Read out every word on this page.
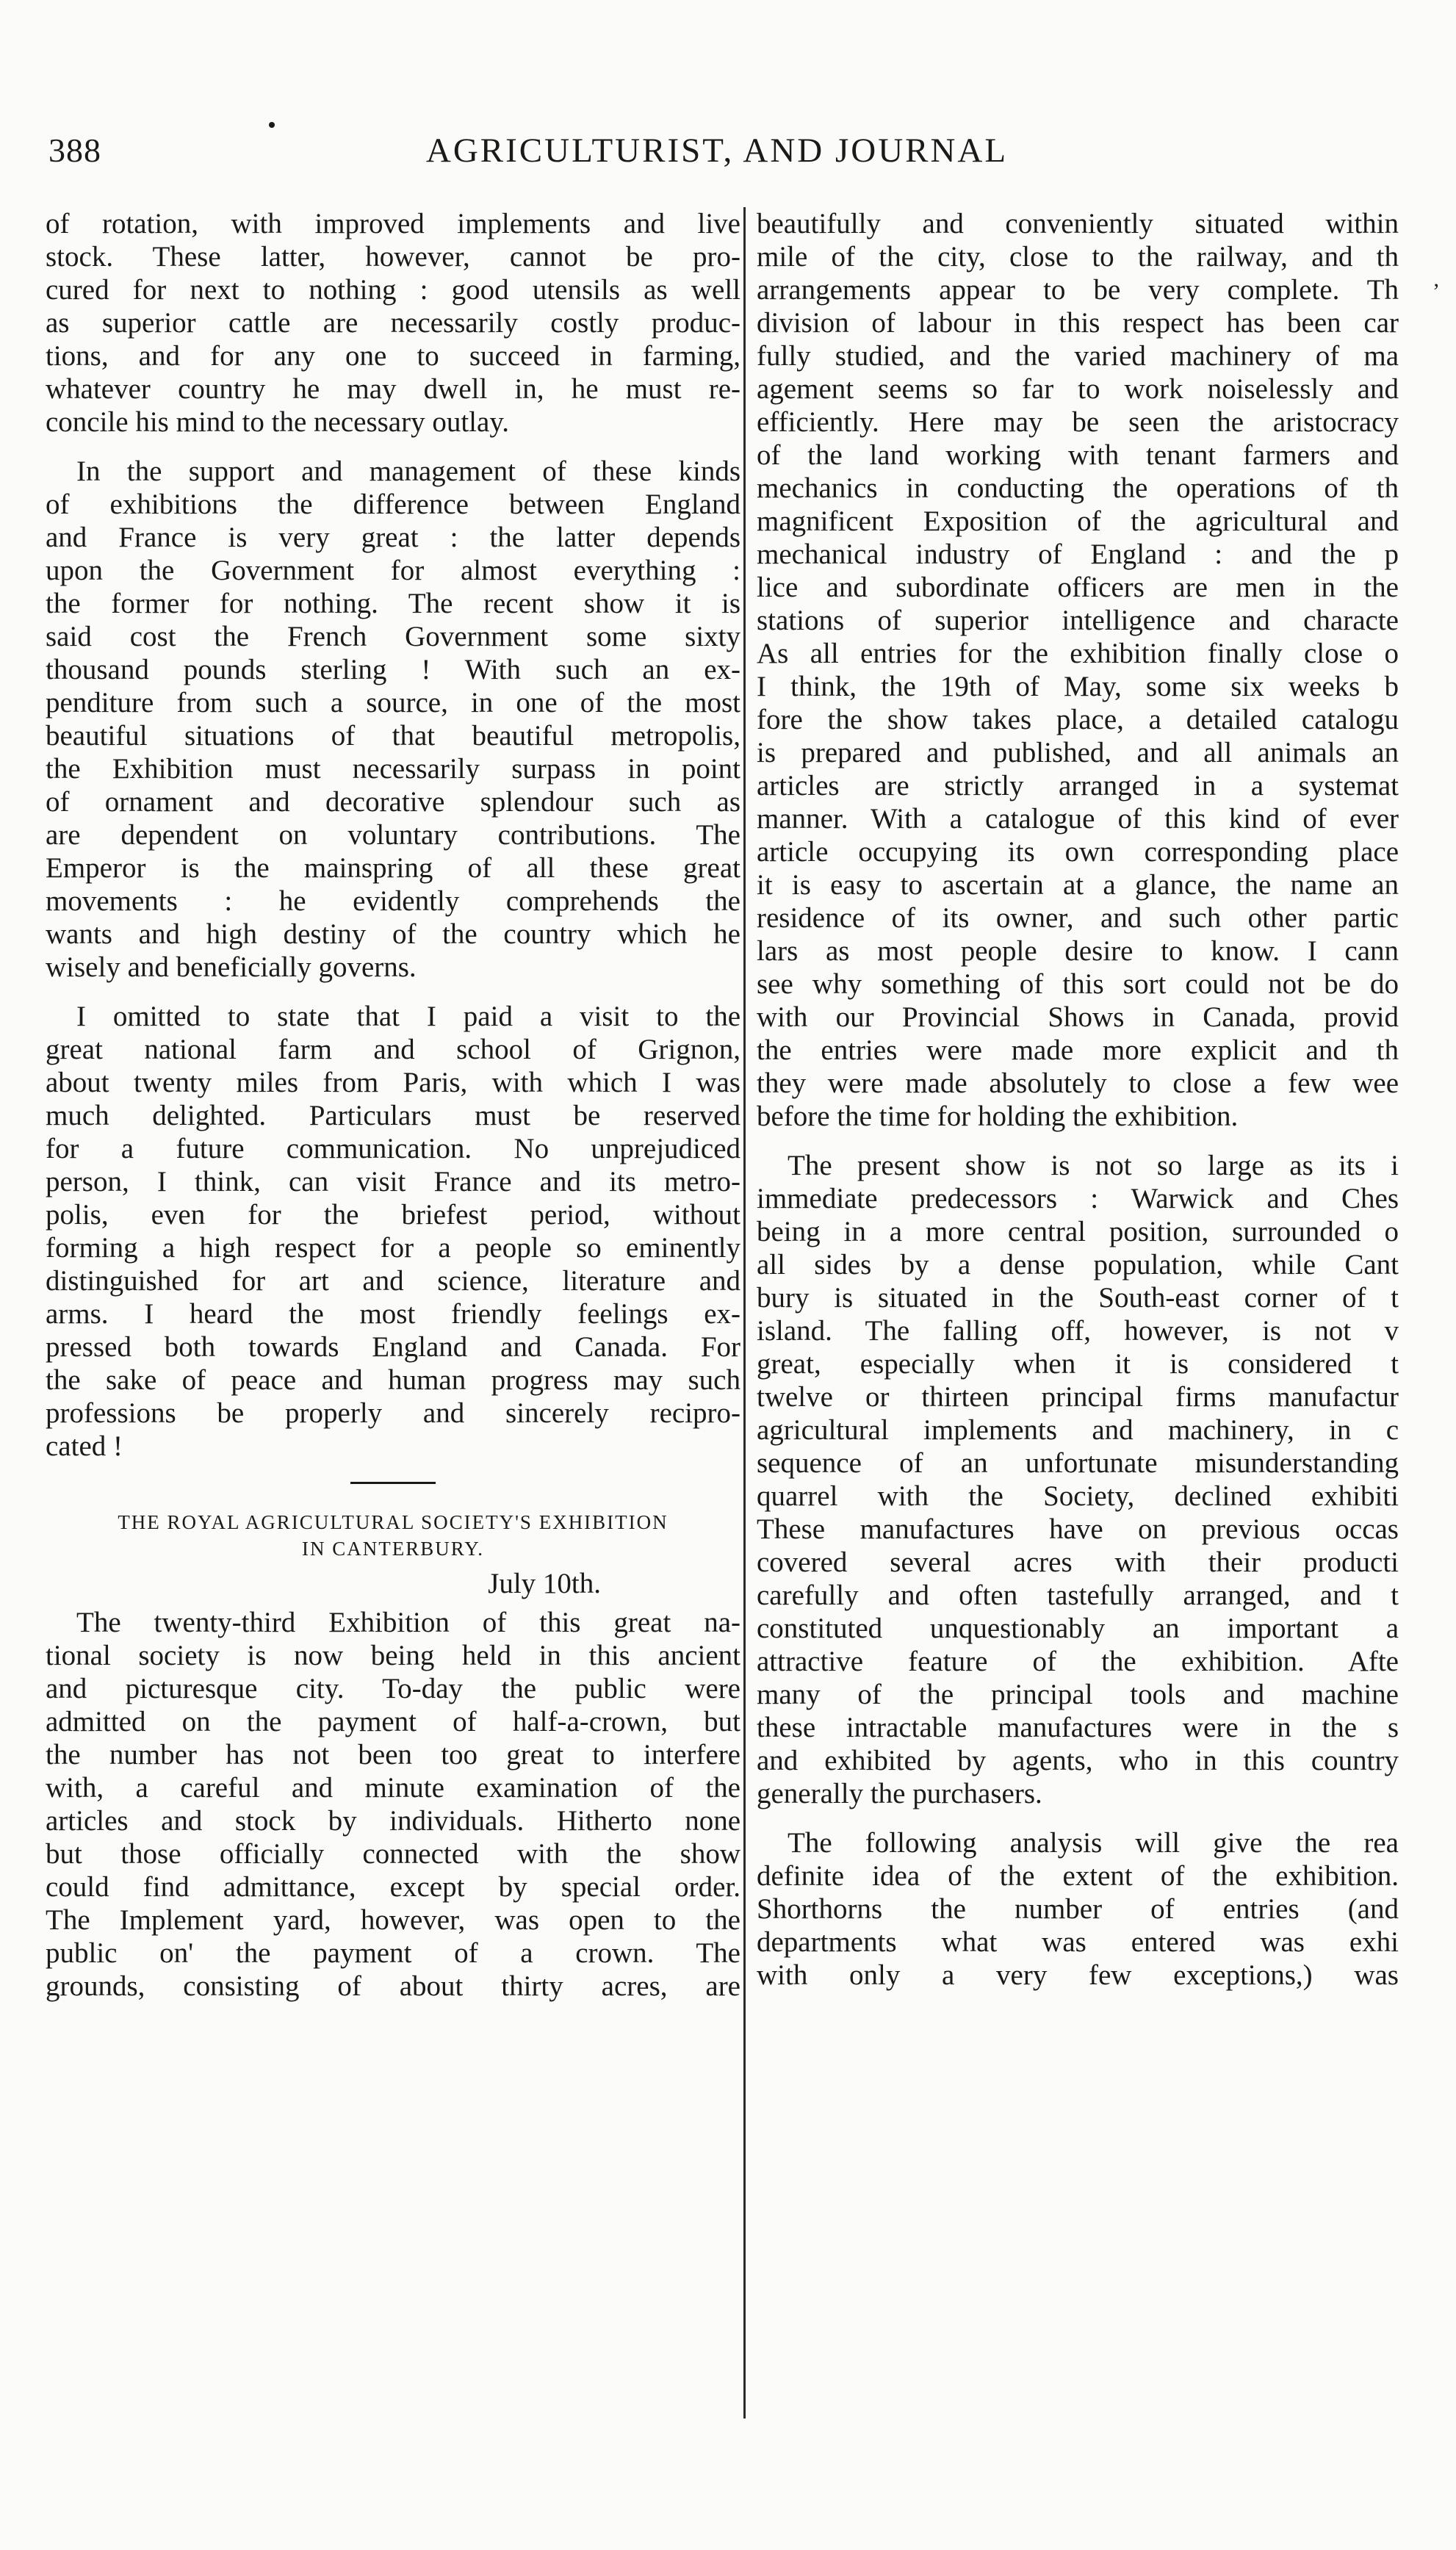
388	AGRICULTURIST, AND JOURNAL
’
of rotation, with improved implements and live
stock. These latter, however, cannot be pro-
cured for next to nothing : good utensils as well
as superior cattle are necessarily costly produc-
tions, and for any one to succeed in farming,
whatever country he may dwell in, he must re-
concile his mind to the necessary outlay.
In the support and management of these kinds
of exhibitions the difference between England
and France is very great : the latter depends
upon the Government for almost everything :
the former for nothing. The recent show it is
said cost the French Government some sixty
thousand pounds sterling ! With such an ex-
penditure from such a source, in one of the most
beautiful situations of that beautiful metropolis,
the Exhibition must necessarily surpass in point
of ornament and decorative splendour such as
are dependent on voluntary contributions. The
Emperor is the mainspring of all these great
movements : he evidently comprehends the
wants and high destiny of the country which he
wisely and beneficially governs.
I omitted to state that I paid a visit to the
great national farm and school of Grignon,
about twenty miles from Paris, with which I was
much delighted. Particulars must be reserved
for a future communication. No unprejudiced
person, I think, can visit France and its metro-
polis, even for the briefest period, without
forming a high respect for a people so eminently
distinguished for art and science, literature and
arms. I heard the most friendly feelings ex-
pressed both towards England and Canada. For
the sake of peace and human progress may such
professions be properly and sincerely recipro-
cated !
THE ROYAL AGRICULTURAL SOCIETY'S EXHIBITION
IN CANTERBURY.
July 10th.
The twenty-third Exhibition of this great na-
tional society is now being held in this ancient
and picturesque city. To-day the public were
admitted on the payment of half-a-crown, but
the number has not been too great to interfere
with, a careful and minute examination of the
articles and stock by individuals. Hitherto none
but those officially connected with the show
could find admittance, except by special order.
The Implement yard, however, was open to the
public on' the payment of a crown. The
grounds, consisting of about thirty acres, are
beautifully and conveniently situated within
mile of the city, close to the railway, and th
arrangements appear to be very complete. Th
division of labour in this respect has been car
fully studied, and the varied machinery of ma
agement seems so far to work noiselessly and
efficiently. Here may be seen the aristocracy
of the land working with tenant farmers and
mechanics in conducting the operations of th
magnificent Exposition of the agricultural and
mechanical industry of England : and the p
lice and subordinate officers are men in the
stations of superior intelligence and characte
As all entries for the exhibition finally close o
I think, the 19th of May, some six weeks b
fore the show takes place, a detailed catalogu
is prepared and published, and all animals an
articles are strictly arranged in a systemat
manner. With a catalogue of this kind of ever
article occupying its own corresponding place
it is easy to ascertain at a glance, the name an
residence of its owner, and such other partic
lars as most people desire to know. I cann
see why something of this sort could not be do
with our Provincial Shows in Canada, provid
the entries were made more explicit and th
they were made absolutely to close a few wee
before the time for holding the exhibition.
The present show is not so large as its i
immediate predecessors : Warwick and Ches
being in a more central position, surrounded o
all sides by a dense population, while Cant
bury is situated in the South-east corner of t
island. The falling off, however, is not v
great, especially when it is considered t
twelve or thirteen principal firms manufactur
agricultural implements and machinery, in c
sequence of an unfortunate misunderstanding
quarrel with the Society, declined exhibiti
These manufactures have on previous occas
covered several acres with their producti
carefully and often tastefully arranged, and t
constituted unquestionably an important a
attractive feature of the exhibition. Afte
many of the principal tools and machine
these intractable manufactures were in the s
and exhibited by agents, who in this country
generally the purchasers.
The following analysis will give the rea
definite idea of the extent of the exhibition.
Shorthorns the number of entries (and
departments what was entered was exhi
with only a very few exceptions,) was
